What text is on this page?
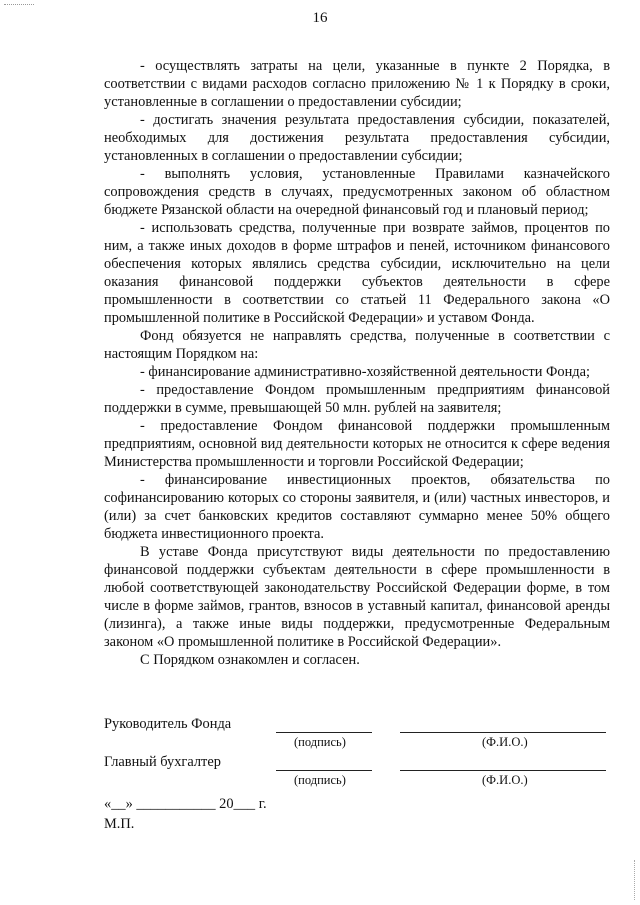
16

- осуществлять затраты на цели, указанные в пункте 2 Порядка, в соответствии с видами расходов согласно приложению № 1 к Порядку в сроки, установленные в соглашении о предоставлении субсидии;

- достигать значения результата предоставления субсидии, показателей, необходимых для достижения результата предоставления субсидии, установленных в соглашении о предоставлении субсидии;

- выполнять условия, установленные Правилами казначейского сопровождения средств в случаях, предусмотренных законом об областном бюджете Рязанской области на очередной финансовый год и плановый период;

- использовать средства, полученные при возврате займов, процентов по ним, а также иных доходов в форме штрафов и пеней, источником финансового обеспечения которых являлись средства субсидии, исключительно на цели оказания финансовой поддержки субъектов деятельности в сфере промышленности в соответствии со статьей 11 Федерального закона «О промышленной политике в Российской Федерации» и уставом Фонда.

Фонд обязуется не направлять средства, полученные в соответствии с настоящим Порядком на:

- финансирование административно-хозяйственной деятельности Фонда;

- предоставление Фондом промышленным предприятиям финансовой поддержки в сумме, превышающей 50 млн. рублей на заявителя;

- предоставление Фондом финансовой поддержки промышленным предприятиям, основной вид деятельности которых не относится к сфере ведения Министерства промышленности и торговли Российской Федерации;

- финансирование инвестиционных проектов, обязательства по софинансированию которых со стороны заявителя, и (или) частных инвесторов, и (или) за счет банковских кредитов составляют суммарно менее 50% общего бюджета инвестиционного проекта.

В уставе Фонда присутствуют виды деятельности по предоставлению финансовой поддержки субъектам деятельности в сфере промышленности в любой соответствующей законодательству Российской Федерации форме, в том числе в форме займов, грантов, взносов в уставный капитал, финансовой аренды (лизинга), а также иные виды поддержки, предусмотренные Федеральным законом «О промышленной политике в Российской Федерации».

С Порядком ознакомлен и согласен.

Руководитель Фонда
(подпись)	(Ф.И.О.)
Главный бухгалтер
(подпись)	(Ф.И.О.)
«__» ___________ 20___ г.
М.П.
